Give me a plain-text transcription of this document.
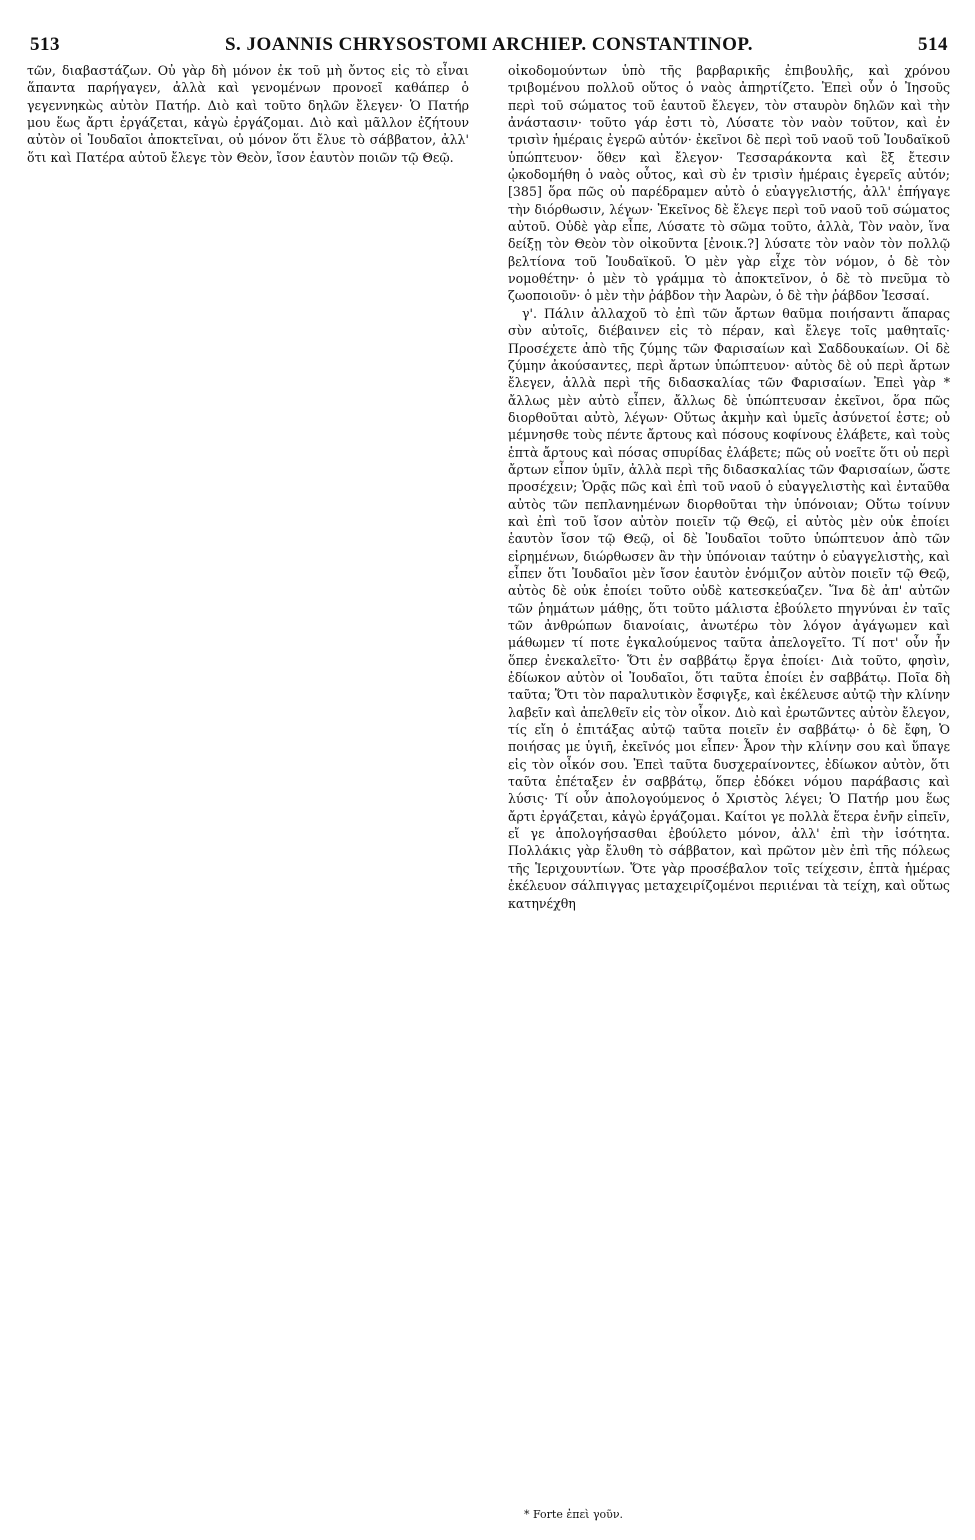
513	S. JOANNIS CHRYSOSTOMI ARCHIEP. CONSTANTINOP.	514

τῶν, διαβαστάζων. Οὐ γὰρ δὴ μόνον ἐκ τοῦ μὴ ὄντος εἰς τὸ εἶναι ἅπαντα παρήγαγεν, ἀλλὰ καὶ γενομένων προνοεῖ καθάπερ ὁ γεγεννηκὼς αὐτὸν Πατήρ. Διὸ καὶ τοῦτο δηλῶν ἔλεγεν· Ὁ Πατήρ μου ἕως ἄρτι ἐργάζεται, κἀγὼ ἐργάζομαι. Διὸ καὶ μᾶλλον ἐζήτουν αὐτὸν οἱ Ἰουδαῖοι ἀποκτεῖναι, οὐ μόνον ὅτι ἔλυε τὸ σάββατον, ἀλλ' ὅτι καὶ Πατέρα αὐτοῦ ἔλεγε τὸν Θεὸν, ἴσον ἑαυτὸν ποιῶν τῷ Θεῷ.

οἰκοδομούντων ὑπὸ τῆς βαρβαρικῆς ἐπιβουλῆς, καὶ χρόνου τριβομένου πολλοῦ οὕτος ὁ ναὸς ἀπηρτίζετο. Ἐπεὶ οὖν ὁ Ἰησοῦς περὶ τοῦ σώματος τοῦ ἑαυτοῦ ἔλεγεν, τὸν σταυρὸν δηλῶν καὶ τὴν ἀνάστασιν· τοῦτο γάρ ἐστι τὸ, Λύσατε τὸν ναὸν τοῦτον, καὶ ἐν τρισὶν ἡμέραις ἐγερῶ αὐτόν· ἐκεῖνοι δὲ περὶ τοῦ ναοῦ τοῦ Ἰουδαϊκοῦ ὑπώπτευον· ὅθεν καὶ ἔλεγον· Τεσσαράκοντα καὶ ἓξ ἔτεσιν ᾠκοδομήθη ὁ ναὸς οὗτος, καὶ σὺ ἐν τρισὶν ἡμέραις ἐγερεῖς αὐτόν; [385] ὅρα πῶς οὐ παρέδραμεν αὐτὸ ὁ εὐαγγελιστής, ἀλλ' ἐπήγαγε τὴν διόρθωσιν, λέγων· Ἐκεῖνος δὲ ἔλεγε περὶ τοῦ ναοῦ τοῦ σώματος αὐτοῦ. Οὐδὲ γὰρ εἶπε, Λύσατε τὸ σῶμα τοῦτο, ἀλλὰ, Τὸν ναὸν, ἵνα δείξῃ τὸν Θεὸν τὸν οἰκοῦντα [ἐνοικ.?] λύσατε τὸν ναὸν τὸν πολλῷ βελτίονα τοῦ Ἰουδαϊκοῦ. Ὁ μὲν γὰρ εἶχε τὸν νόμον, ὁ δὲ τὸν νομοθέτην· ὁ μὲν τὸ γράμμα τὸ ἀποκτεῖνον, ὁ δὲ τὸ πνεῦμα τὸ ζωοποιοῦν· ὁ μὲν τὴν ῥάβδον τὴν Ἀαρὼν, ὁ δὲ τὴν ῥάβδον Ἰεσσαί.

γ'. Πάλιν ἀλλαχοῦ τὸ ἐπὶ τῶν ἄρτων θαῦμα ποιήσαντι ἅπαρας σὺν αὐτοῖς, διέβαινεν εἰς τὸ πέραν, καὶ ἔλεγε τοῖς μαθηταῖς· Προσέχετε ἀπὸ τῆς ζύμης τῶν Φαρισαίων καὶ Σαδδουκαίων. Οἱ δὲ ζύμην ἀκούσαντες, περὶ ἄρτων ὑπώπτευον· αὐτὸς δὲ οὐ περὶ ἄρτων ἔλεγεν, ἀλλὰ περὶ τῆς διδασκαλίας τῶν Φαρισαίων. Ἐπεὶ γὰρ * ἄλλως μὲν αὐτὸ εἶπεν, ἄλλως δὲ ὑπώπτευσαν ἐκεῖνοι, ὅρα πῶς διορθοῦται αὐτὸ, λέγων· Οὕτως ἀκμὴν καὶ ὑμεῖς ἀσύνετοί ἐστε; οὐ μέμνησθε τοὺς πέντε ἄρτους καὶ πόσους κοφίνους ἐλάβετε, καὶ τοὺς ἑπτὰ ἄρτους καὶ πόσας σπυρίδας ἐλάβετε; πῶς οὐ νοεῖτε ὅτι οὐ περὶ ἄρτων εἶπον ὑμῖν, ἀλλὰ περὶ τῆς διδασκαλίας τῶν Φαρισαίων, ὥστε προσέχειν; Ὁρᾷς πῶς καὶ ἐπὶ τοῦ ναοῦ ὁ εὐαγγελιστὴς καὶ ἐνταῦθα αὐτὸς τῶν πεπλανημένων διορθοῦται τὴν ὑπόνοιαν; Οὕτω τοίνυν καὶ ἐπὶ τοῦ ἴσον αὐτὸν ποιεῖν τῷ Θεῷ, εἰ αὐτὸς μὲν οὐκ ἐποίει ἑαυτὸν ἴσον τῷ Θεῷ, οἱ δὲ Ἰουδαῖοι τοῦτο ὑπώπτευον ἀπὸ τῶν εἰρημένων, διώρθωσεν ἂν τὴν ὑπόνοιαν ταύτην ὁ εὐαγγελιστὴς, καὶ εἶπεν ὅτι Ἰουδαῖοι μὲν ἴσον ἑαυτὸν ἐνόμιζον αὐτὸν ποιεῖν τῷ Θεῷ, αὐτὸς δὲ οὐκ ἐποίει τοῦτο οὐδὲ κατεσκεύαζεν. Ἵνα δὲ ἀπ' αὐτῶν τῶν ῥημάτων μάθῃς, ὅτι τοῦτο μάλιστα ἐβούλετο πηγνύναι ἐν ταῖς τῶν ἀνθρώπων διανοίαις, ἀνωτέρω τὸν λόγον ἀγάγωμεν καὶ μάθωμεν τί ποτε ἐγκαλούμενος ταῦτα ἀπελογεῖτο. Τί ποτ' οὖν ἦν ὅπερ ἐνεκαλεῖτο· Ὅτι ἐν σαββάτῳ ἔργα ἐποίει· Διὰ τοῦτο, φησὶν, ἐδίωκον αὐτὸν οἱ Ἰουδαῖοι, ὅτι ταῦτα ἐποίει ἐν σαββάτῳ. Ποῖα δὴ ταῦτα; Ὅτι τὸν παραλυτικὸν ἔσφιγξε, καὶ ἐκέλευσε αὐτῷ τὴν κλίνην λαβεῖν καὶ ἀπελθεῖν εἰς τὸν οἶκον. Διὸ καὶ ἐρωτῶντες αὐτὸν ἔλεγον, τίς εἴη ὁ ἐπιτάξας αὐτῷ ταῦτα ποιεῖν ἐν σαββάτῳ· ὁ δὲ ἔφη, Ὁ ποιήσας με ὑγιῆ, ἐκεῖνός μοι εἶπεν· Ἆρον τὴν κλίνην σου καὶ ὕπαγε εἰς τὸν οἶκόν σου. Ἐπεὶ ταῦτα δυσχεραίνοντες, ἐδίωκον αὐτὸν, ὅτι ταῦτα ἐπέταξεν ἐν σαββάτῳ, ὅπερ ἐδόκει νόμου παράβασις καὶ λύσις· Τί οὖν ἀπολογούμενος ὁ Χριστὸς λέγει; Ὁ Πατήρ μου ἕως ἄρτι ἐργάζεται, κἀγὼ ἐργάζομαι. Καίτοι γε πολλὰ ἕτερα ἐνῆν εἰπεῖν, εἴ γε ἀπολογήσασθαι ἐβούλετο μόνον, ἀλλ' ἐπὶ τὴν ἰσότητα. Πολλάκις γὰρ ἔλυθη τὸ σάββατον, καὶ πρῶτον μὲν ἐπὶ τῆς πόλεως τῆς Ἱεριχουντίων. Ὅτε γὰρ προσέβαλον τοῖς τείχεσιν, ἑπτὰ ἡμέρας ἐκέλευον σάλπιγγας μεταχειρίζομένοι περιιέναι τὰ τείχη, καὶ οὕτως κατηνέχθη

* Forte ἐπεὶ γοῦν.
